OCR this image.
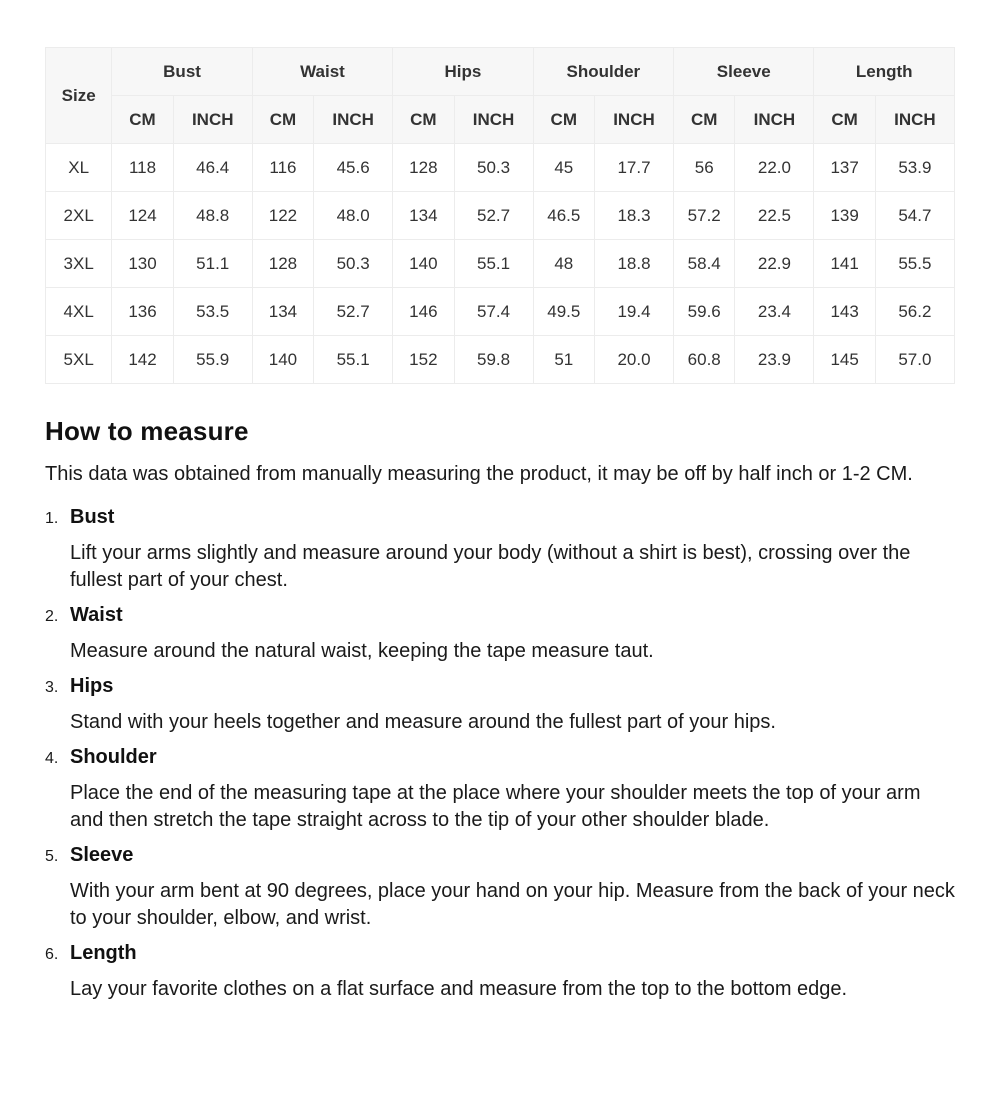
Size	Bust		Waist		Hips		Shoulder		Sleeve		Length	
	CM	INCH	CM	INCH	CM	INCH	CM	INCH	CM	INCH	CM	INCH
XL	118	46.4	116	45.6	128	50.3	45	17.7	56	22.0	137	53.9
2XL	124	48.8	122	48.0	134	52.7	46.5	18.3	57.2	22.5	139	54.7
3XL	130	51.1	128	50.3	140	55.1	48	18.8	58.4	22.9	141	55.5
4XL	136	53.5	134	52.7	146	57.4	49.5	19.4	59.6	23.4	143	56.2
5XL	142	55.9	140	55.1	152	59.8	51	20.0	60.8	23.9	145	57.0
How to measure

This data was obtained from manually measuring the product, it may be off by half inch or 1-2 CM.

1. Bust

Lift your arms slightly and measure around your body (without a shirt is best), crossing over the fullest part of your chest.

2. Waist

Measure around the natural waist, keeping the tape measure taut.

3. Hips

Stand with your heels together and measure around the fullest part of your hips.

4. Shoulder

Place the end of the measuring tape at the place where your shoulder meets the top of your arm and then stretch the tape straight across to the tip of your other shoulder blade.

5. Sleeve

With your arm bent at 90 degrees, place your hand on your hip. Measure from the back of your neck to your shoulder, elbow, and wrist.

6. Length

Lay your favorite clothes on a flat surface and measure from the top to the bottom edge.
